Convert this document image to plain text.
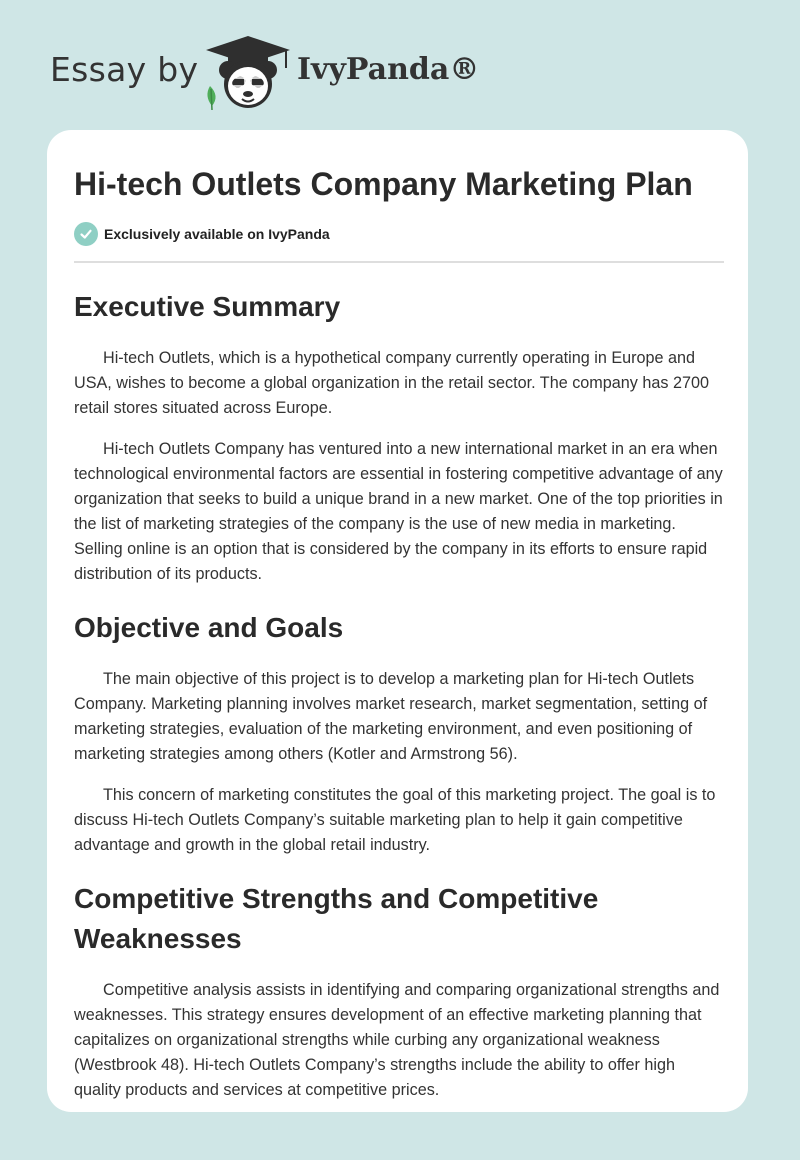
Essay by	IvyPanda®
Hi-tech Outlets Company Marketing Plan
Exclusively available on IvyPanda
Executive Summary

Hi-tech Outlets, which is a hypothetical company currently operating in Europe and USA, wishes to become a global organization in the retail sector. The company has 2700 retail stores situated across Europe.

Hi-tech Outlets Company has ventured into a new international market in an era when technological environmental factors are essential in fostering competitive advantage of any organization that seeks to build a unique brand in a new market. One of the top priorities in the list of marketing strategies of the company is the use of new media in marketing. Selling online is an option that is considered by the company in its efforts to ensure rapid distribution of its products.

Objective and Goals

The main objective of this project is to develop a marketing plan for Hi-tech Outlets Company. Marketing planning involves market research, market segmentation, setting of marketing strategies, evaluation of the marketing environment, and even positioning of marketing strategies among others (Kotler and Armstrong 56).

This concern of marketing constitutes the goal of this marketing project. The goal is to discuss Hi-tech Outlets Company’s suitable marketing plan to help it gain competitive advantage and growth in the global retail industry.

Competitive Strengths and Competitive Weaknesses

Competitive analysis assists in identifying and comparing organizational strengths and weaknesses. This strategy ensures development of an effective marketing planning that capitalizes on organizational strengths while curbing any organizational weakness (Westbrook 48). Hi-tech Outlets Company’s strengths include the ability to offer high quality products and services at competitive prices.
